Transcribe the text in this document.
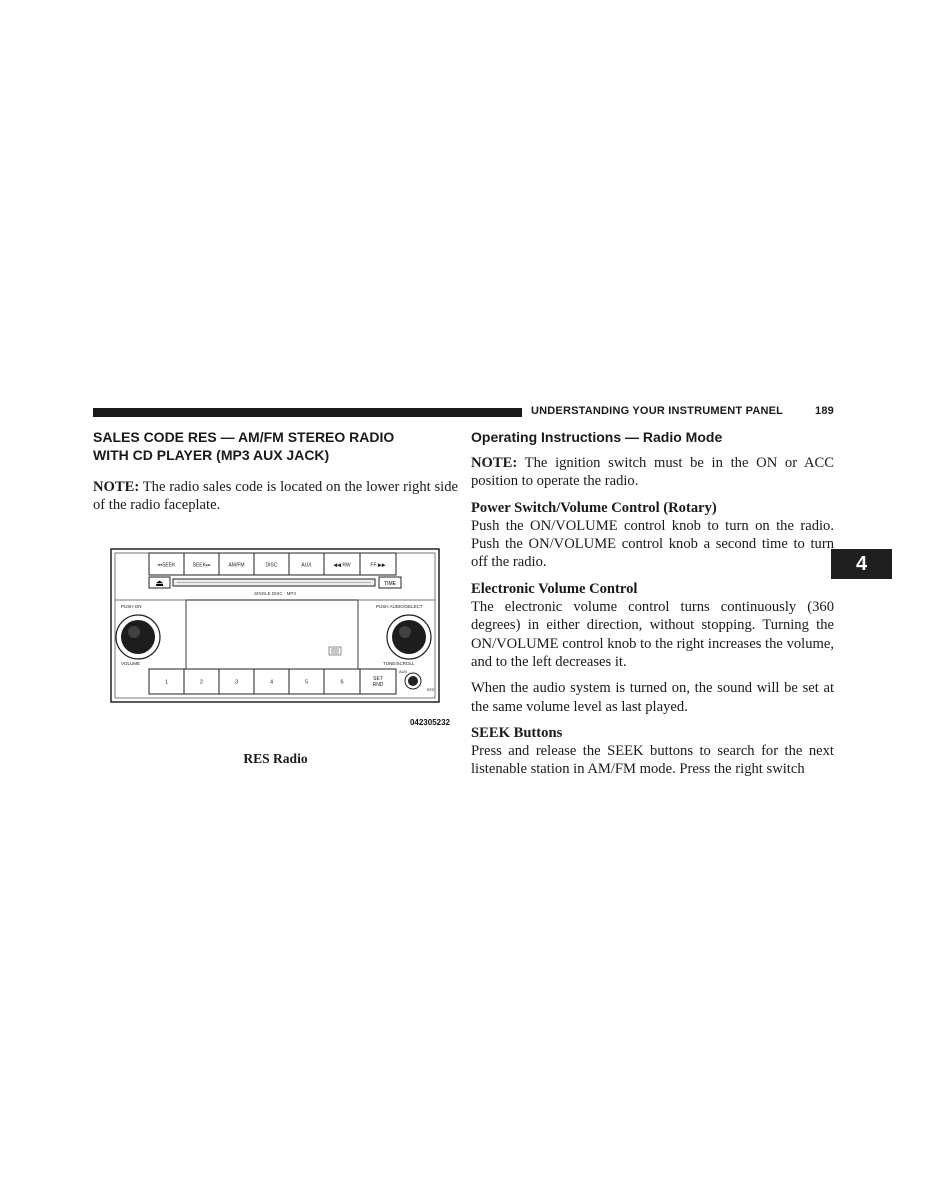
UNDERSTANDING YOUR INSTRUMENT PANEL	189
4
SALES CODE RES — AM/FM STEREO RADIO
WITH CD PLAYER (MP3 AUX JACK)

NOTE: The radio sales code is located on the lower right side of the radio faceplate.

⏮SEEK	SEEK⏭	AM/FM	DISC	AUX	◀◀ RW	FF ▶▶
⏏	TIME
SINGLE DISC · MP3
PUSH ON
VOLUME
PUSH AUDIO/SELECT
TUNE/SCROLL
1	2	3	4	5	6
SET
RND
AUX
RES
042305232
RES Radio
Operating Instructions — Radio Mode

NOTE: The ignition switch must be in the ON or ACC position to operate the radio.

Power Switch/Volume Control (Rotary)

Push the ON/VOLUME control knob to turn on the radio. Push the ON/VOLUME control knob a second time to turn off the radio.

Electronic Volume Control

The electronic volume control turns continuously (360 degrees) in either direction, without stopping. Turning the ON/VOLUME control knob to the right increases the volume, and to the left decreases it.

When the audio system is turned on, the sound will be set at the same volume level as last played.

SEEK Buttons

Press and release the SEEK buttons to search for the next listenable station in AM/FM mode. Press the right switch
